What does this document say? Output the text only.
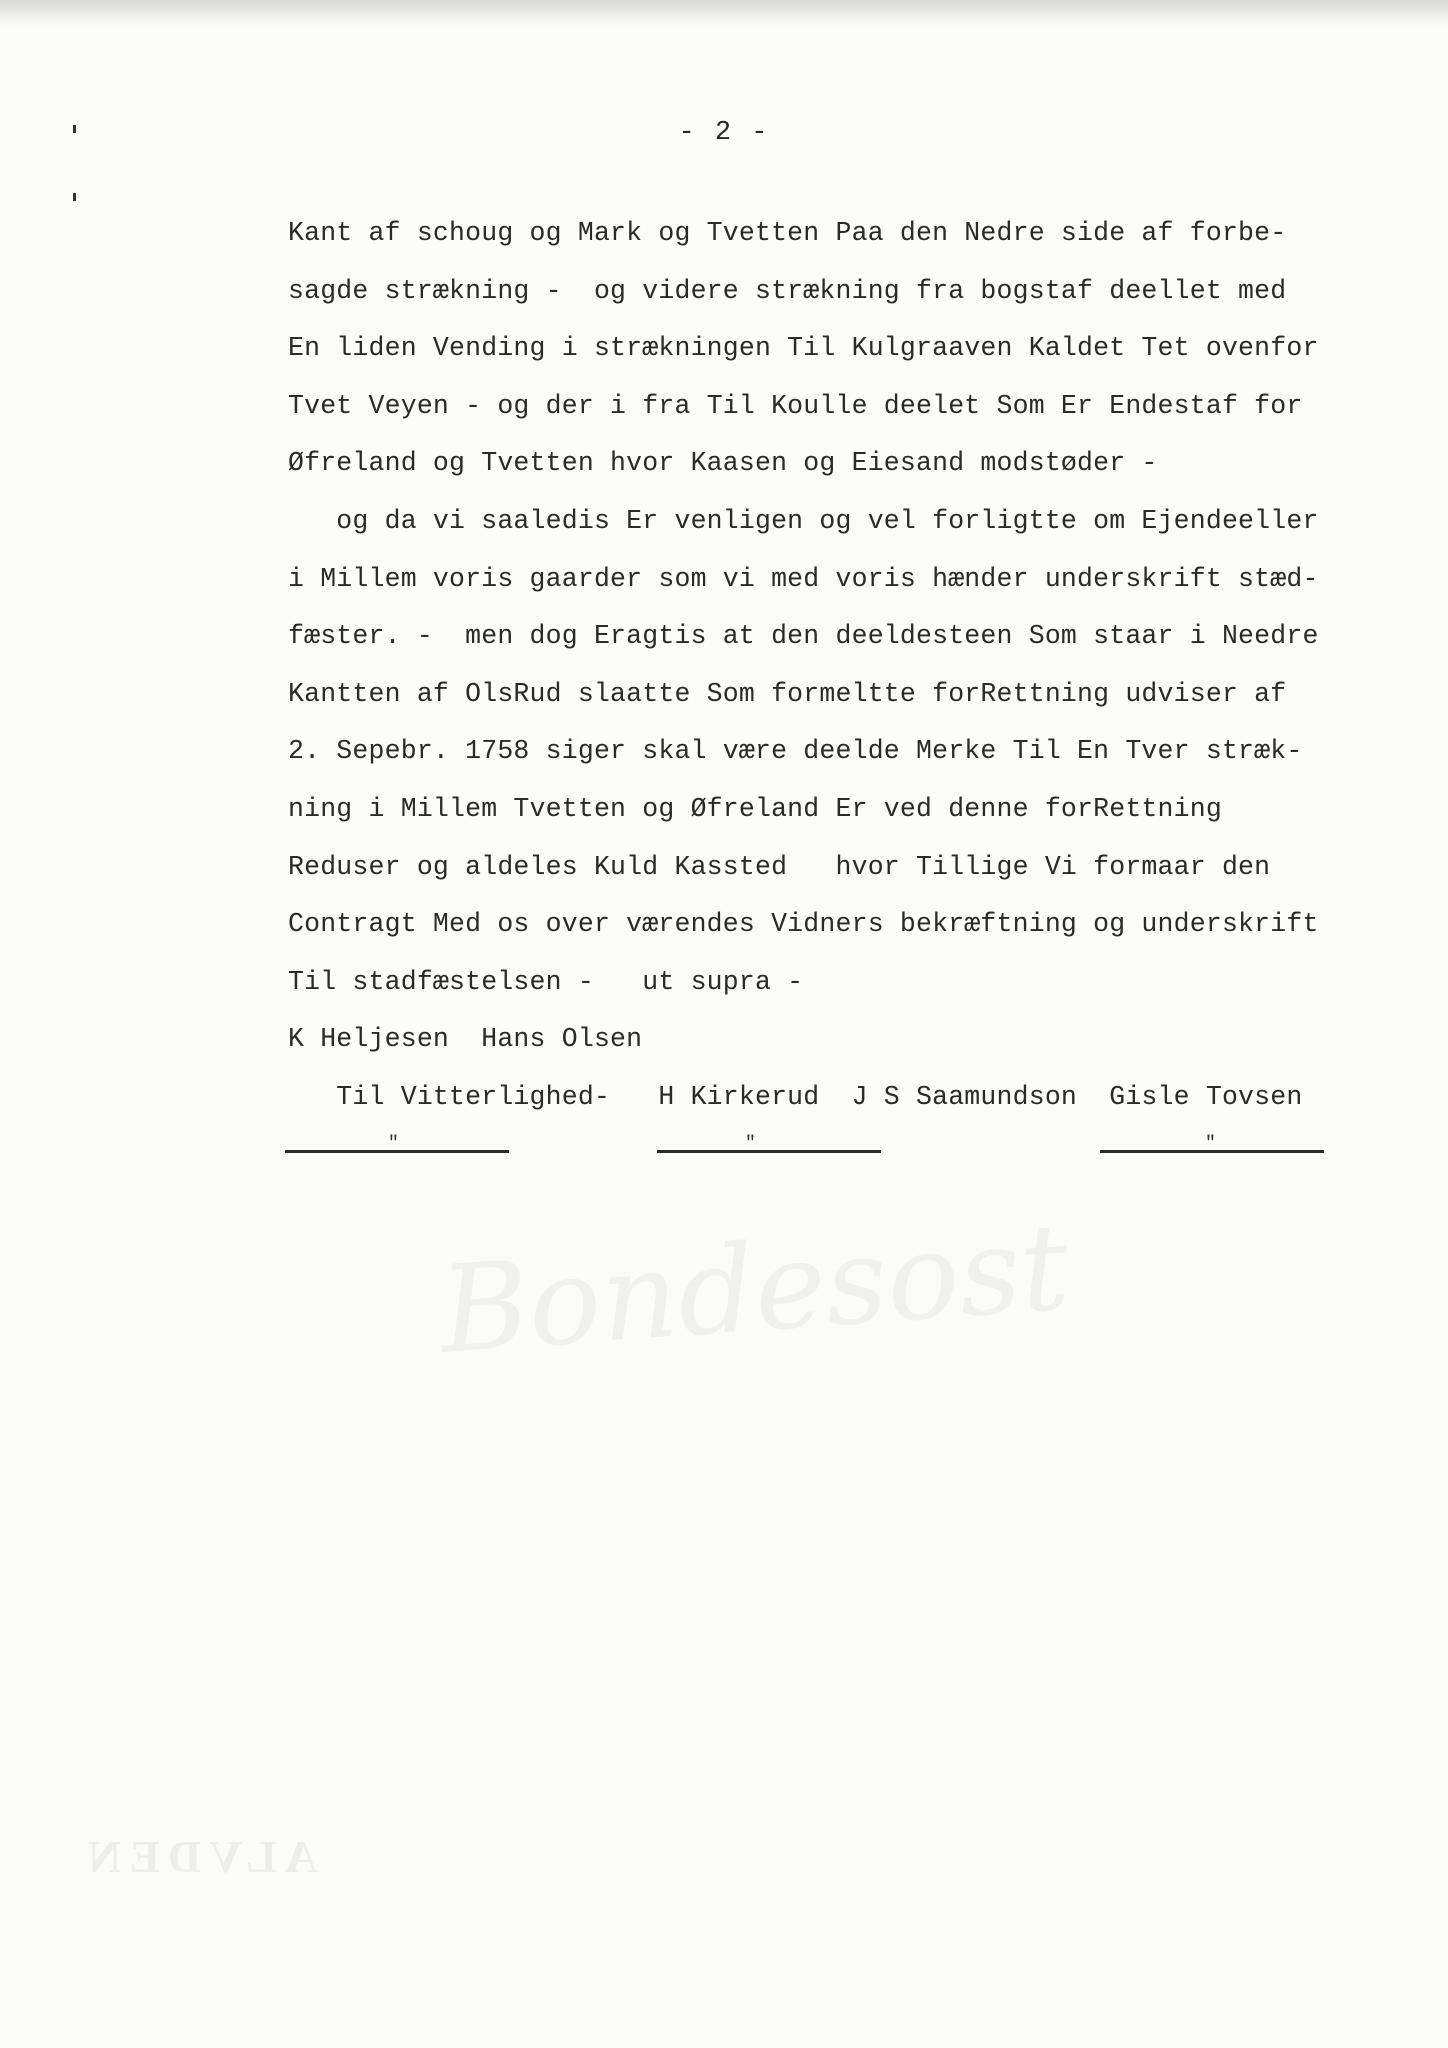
Bondesost
ALVDEN
- 2 -
Kant af schoug og Mark og Tvetten Paa den Nedre side af forbe-
sagde strækning -  og videre strækning fra bogstaf deellet med
En liden Vending i strækningen Til Kulgraaven Kaldet Tet ovenfor
Tvet Veyen - og der i fra Til Koulle deelet Som Er Endestaf for
Øfreland og Tvetten hvor Kaasen og Eiesand modstøder -
og da vi saaledis Er venligen og vel forligtte om Ejendeeller
i Millem voris gaarder som vi med voris hænder underskrift stæd-
fæster. -  men dog Eragtis at den deeldesteen Som staar i Needre
Kantten af OlsRud slaatte Som formeltte forRettning udviser af
2. Sepebr. 1758 siger skal være deelde Merke Til En Tver stræk-
ning i Millem Tvetten og Øfreland Er ved denne forRettning
Reduser og aldeles Kuld Kassted   hvor Tillige Vi formaar den
Contragt Med os over værendes Vidners bekræftning og underskrift
Til stadfæstelsen -   ut supra -
K Heljesen  Hans Olsen
Til Vitterlighed-   H Kirkerud  J S Saamundson  Gisle Tovsen
"	"	"
